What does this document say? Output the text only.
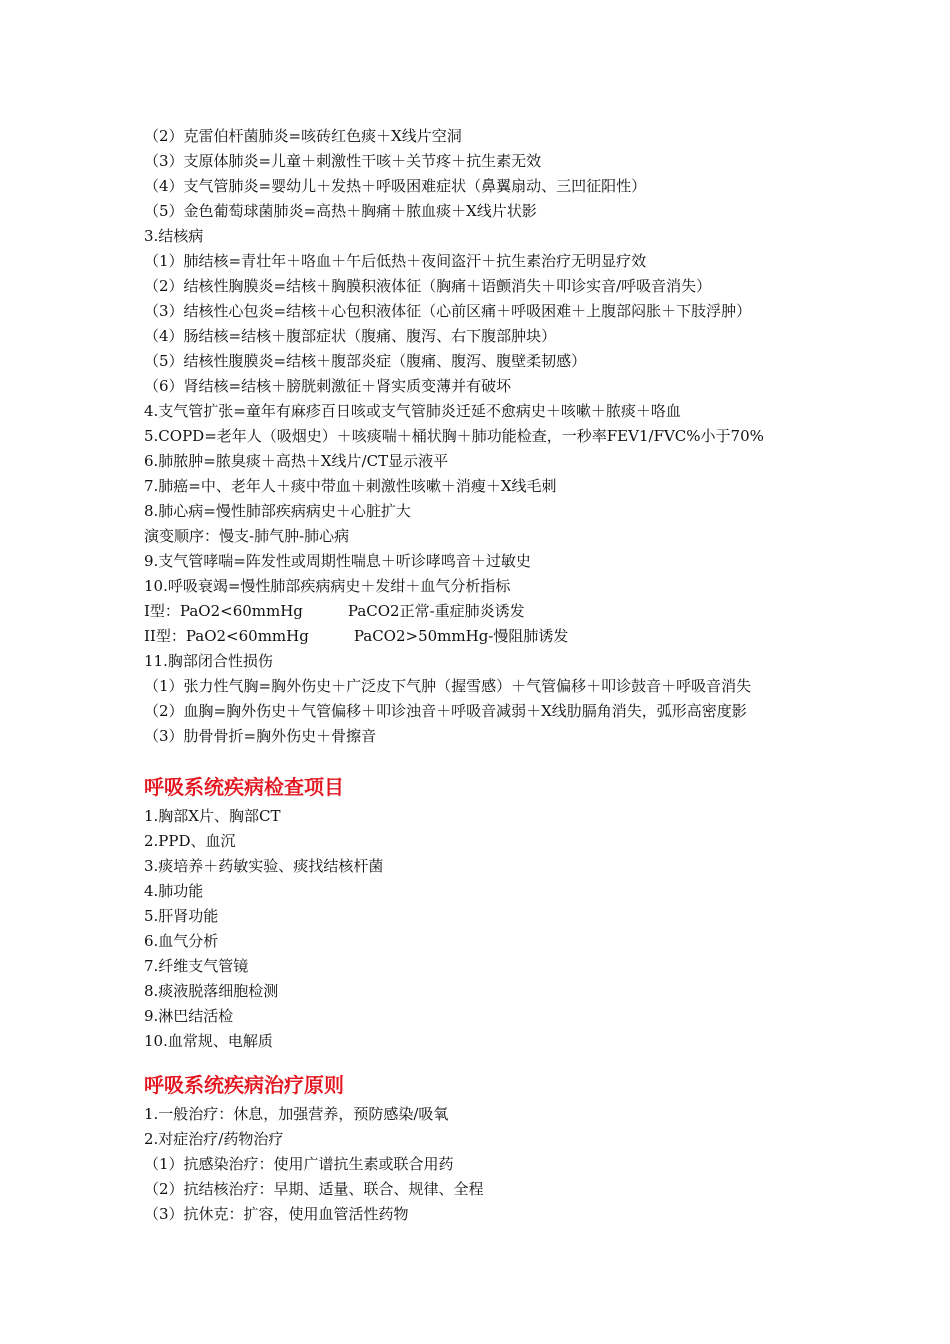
（2）克雷伯杆菌肺炎=咳砖红色痰＋X线片空洞
（3）支原体肺炎=儿童＋刺激性干咳＋关节疼＋抗生素无效
（4）支气管肺炎=婴幼儿＋发热＋呼吸困难症状（鼻翼扇动、三凹征阳性）
（5）金色葡萄球菌肺炎=高热＋胸痛＋脓血痰＋X线片状影
3.结核病
（1）肺结核=青壮年＋咯血＋午后低热＋夜间盗汗＋抗生素治疗无明显疗效
（2）结核性胸膜炎=结核＋胸膜积液体征（胸痛＋语颤消失＋叩诊实音/呼吸音消失）
（3）结核性心包炎=结核＋心包积液体征（心前区痛＋呼吸困难＋上腹部闷胀＋下肢浮肿）
（4）肠结核=结核＋腹部症状（腹痛、腹泻、右下腹部肿块）
（5）结核性腹膜炎=结核＋腹部炎症（腹痛、腹泻、腹壁柔韧感）
（6）肾结核=结核＋膀胱刺激征＋肾实质变薄并有破坏
4.支气管扩张=童年有麻疹百日咳或支气管肺炎迁延不愈病史＋咳嗽＋脓痰＋咯血
5.COPD=老年人（吸烟史）＋咳痰喘＋桶状胸＋肺功能检查，一秒率FEV1/FVC%小于70%
6.肺脓肿=脓臭痰＋高热＋X线片/CT显示液平
7.肺癌=中、老年人＋痰中带血＋刺激性咳嗽＋消瘦＋X线毛刺
8.肺心病=慢性肺部疾病病史＋心脏扩大
演变顺序：慢支-肺气肿-肺心病
9.支气管哮喘=阵发性或周期性喘息＋听诊哮鸣音＋过敏史
10.呼吸衰竭=慢性肺部疾病病史＋发绀＋血气分析指标
I型：PaO2<60mmHg　　　PaCO2正常-重症肺炎诱发
II型：PaO2<60mmHg　　　PaCO2>50mmHg-慢阻肺诱发
11.胸部闭合性损伤
（1）张力性气胸=胸外伤史＋广泛皮下气肿（握雪感）＋气管偏移＋叩诊鼓音＋呼吸音消失
（2）血胸=胸外伤史＋气管偏移＋叩诊浊音＋呼吸音减弱＋X线肋膈角消失，弧形高密度影
（3）肋骨骨折=胸外伤史＋骨擦音
呼吸系统疾病检查项目
1.胸部X片、胸部CT
2.PPD、血沉
3.痰培养＋药敏实验、痰找结核杆菌
4.肺功能
5.肝肾功能
6.血气分析
7.纤维支气管镜
8.痰液脱落细胞检测
9.淋巴结活检
10.血常规、电解质
呼吸系统疾病治疗原则
1.一般治疗：休息，加强营养，预防感染/吸氧
2.对症治疗/药物治疗
（1）抗感染治疗：使用广谱抗生素或联合用药
（2）抗结核治疗：早期、适量、联合、规律、全程
（3）抗休克：扩容，使用血管活性药物
